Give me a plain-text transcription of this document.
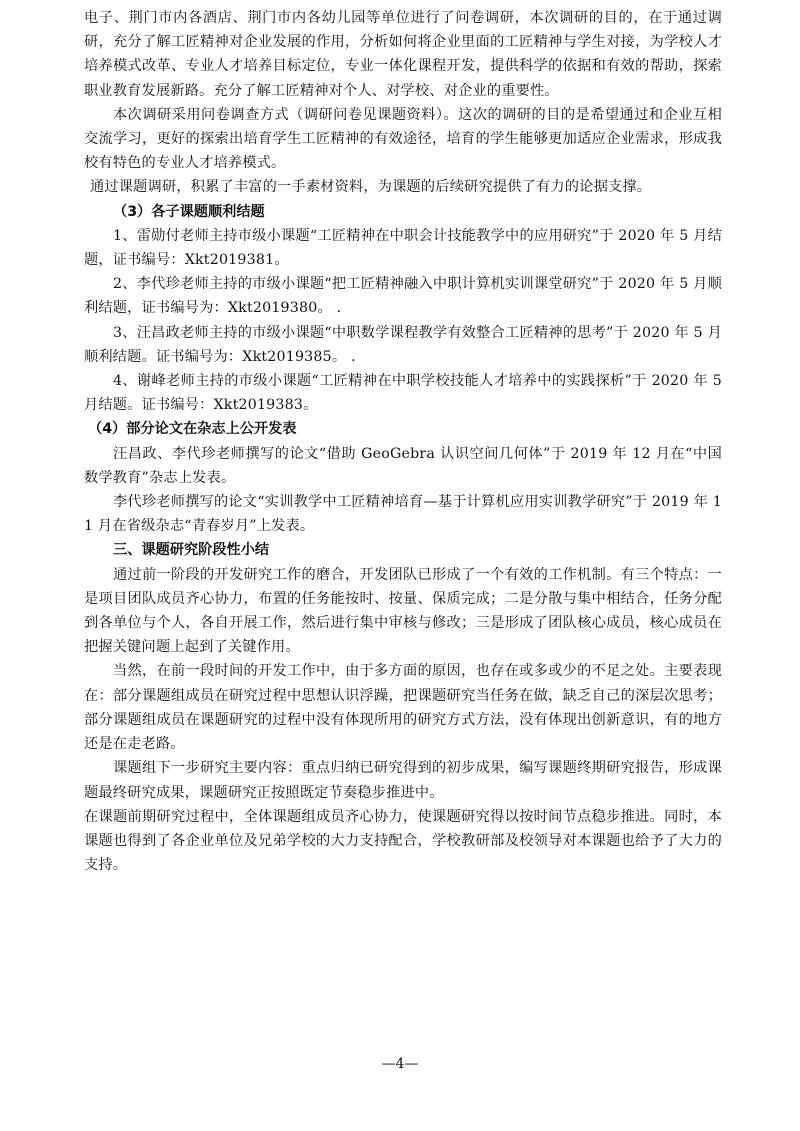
电子、荆门市内各酒店、荆门市内各幼儿园等单位进行了问卷调研，本次调研的目的，在于通过调研，充分了解工匠精神对企业发展的作用，分析如何将企业里面的工匠精神与学生对接，为学校人才培养模式改革、专业人才培养目标定位，专业一体化课程开发，提供科学的依据和有效的帮助，探索职业教育发展新路。充分了解工匠精神对个人、对学校、对企业的重要性。

本次调研采用问卷调查方式（调研问卷见课题资料）。这次的调研的目的是希望通过和企业互相交流学习，更好的探索出培育学生工匠精神的有效途径，培育的学生能够更加适应企业需求，形成我校有特色的专业人才培养模式。

通过课题调研，积累了丰富的一手素材资料，为课题的后续研究提供了有力的论据支撑。

（3）各子课题顺利结题

1、雷勋付老师主持市级小课题“工匠精神在中职会计技能教学中的应用研究”于 2020 年 5 月结题，证书编号：Xkt2019381。

2、李代珍老师主持的市级小课题“把工匠精神融入中职计算机实训课堂研究”于 2020 年 5 月顺利结题，证书编号为：Xkt2019380。 .

3、汪昌政老师主持的市级小课题“中职数学课程教学有效整合工匠精神的思考”于 2020 年 5 月顺利结题。证书编号为：Xkt2019385。 .

4、谢峰老师主持的市级小课题“工匠精神在中职学校技能人才培养中的实践探析”于 2020 年 5 月结题。证书编号：Xkt2019383。

（4）部分论文在杂志上公开发表

汪昌政、李代珍老师撰写的论文“借助 GeoGebra 认识空间几何体”于 2019 年 12 月在“中国数学教育”杂志上发表。

李代珍老师撰写的论文“实训教学中工匠精神培育—基于计算机应用实训教学研究”于 2019 年 11 月在省级杂志“青春岁月”上发表。

三、课题研究阶段性小结

通过前一阶段的开发研究工作的磨合，开发团队已形成了一个有效的工作机制。有三个特点：一是项目团队成员齐心协力，布置的任务能按时、按量、保质完成；二是分散与集中相结合，任务分配到各单位与个人，各自开展工作，然后进行集中审核与修改；三是形成了团队核心成员，核心成员在把握关键问题上起到了关键作用。

当然，在前一段时间的开发工作中，由于多方面的原因，也存在或多或少的不足之处。主要表现在：部分课题组成员在研究过程中思想认识浮躁，把课题研究当任务在做，缺乏自己的深层次思考；部分课题组成员在课题研究的过程中没有体现所用的研究方式方法，没有体现出创新意识，有的地方还是在走老路。

课题组下一步研究主要内容：重点归纳已研究得到的初步成果，编写课题终期研究报告，形成课题最终研究成果，课题研究正按照既定节奏稳步推进中。

在课题前期研究过程中，全体课题组成员齐心协力，使课题研究得以按时间节点稳步推进。同时，本课题也得到了各企业单位及兄弟学校的大力支持配合，学校教研部及校领导对本课题也给予了大力的支持。

—4—
